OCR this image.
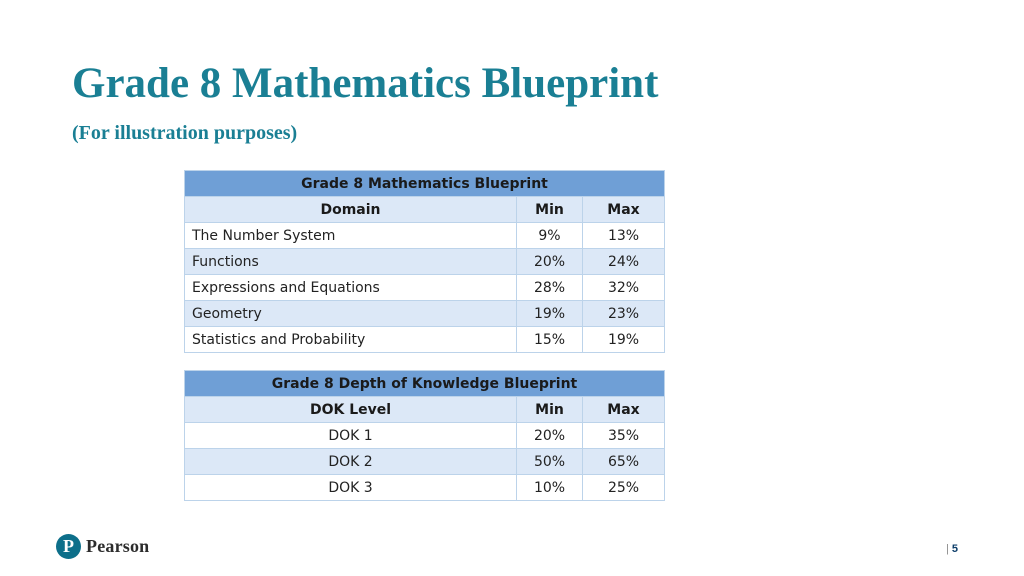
Grade 8 Mathematics Blueprint

(For illustration purposes)

Grade 8 Mathematics Blueprint		
Domain	Min	Max
The Number System	9%	13%
Functions	20%	24%
Expressions and Equations	28%	32%
Geometry	19%	23%
Statistics and Probability	15%	19%
Grade 8 Depth of Knowledge Blueprint		
DOK Level	Min	Max
DOK 1	20%	35%
DOK 2	50%	65%
DOK 3	10%	25%
P Pearson	| 5
